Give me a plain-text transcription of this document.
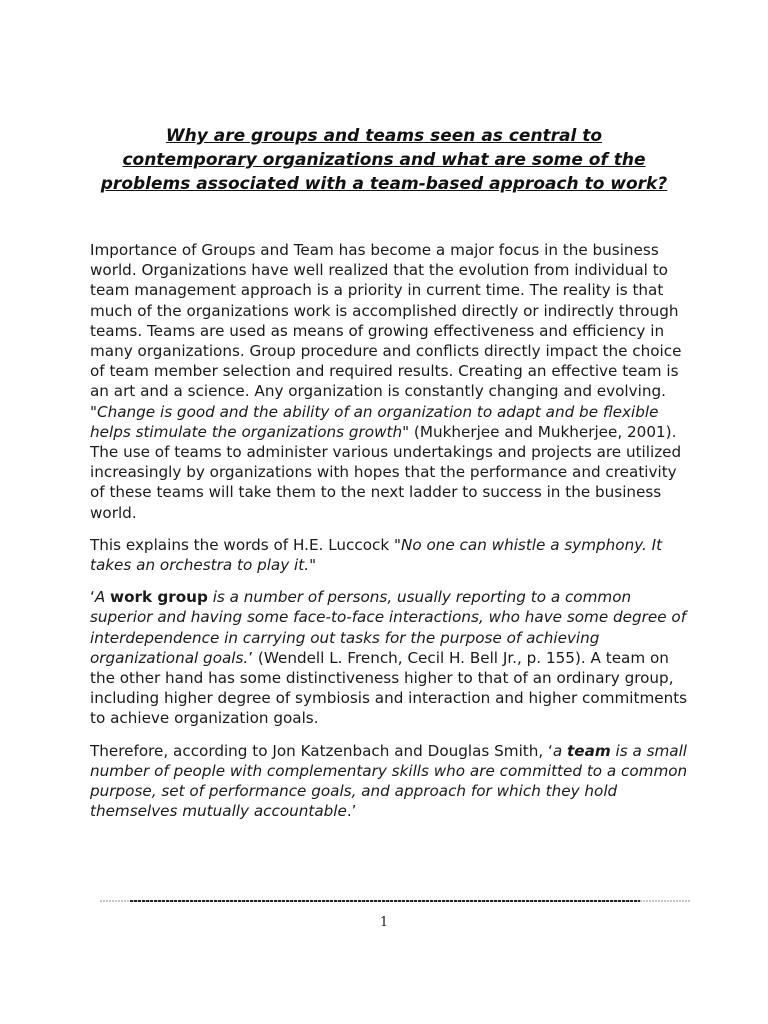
Why are groups and teams seen as central to
contemporary organizations and what are some of the
problems associated with a team-based approach to work?

Importance of Groups and Team has become a major focus in the business world. Organizations have well realized that the evolution from individual to team management approach is a priority in current time. The reality is that much of the organizations work is accomplished directly or indirectly through teams. Teams are used as means of growing effectiveness and efficiency in many organizations. Group procedure and conflicts directly impact the choice of team member selection and required results. Creating an effective team is an art and a science. Any organization is constantly changing and evolving. "Change is good and the ability of an organization to adapt and be flexible helps stimulate the organizations growth" (Mukherjee and Mukherjee, 2001). The use of teams to administer various undertakings and projects are utilized increasingly by organizations with hopes that the performance and creativity of these teams will take them to the next ladder to success in the business world.

This explains the words of H.E. Luccock "No one can whistle a symphony. It takes an orchestra to play it."

‘A work group is a number of persons, usually reporting to a common superior and having some face-to-face interactions, who have some degree of interdependence in carrying out tasks for the purpose of achieving organizational goals.’ (Wendell L. French, Cecil H. Bell Jr., p. 155). A team on the other hand has some distinctiveness higher to that of an ordinary group, including higher degree of symbiosis and interaction and higher commitments to achieve organization goals.

Therefore, according to Jon Katzenbach and Douglas Smith, ‘a team is a small number of people with complementary skills who are committed to a common purpose, set of performance goals, and approach for which they hold themselves mutually accountable.’

1
